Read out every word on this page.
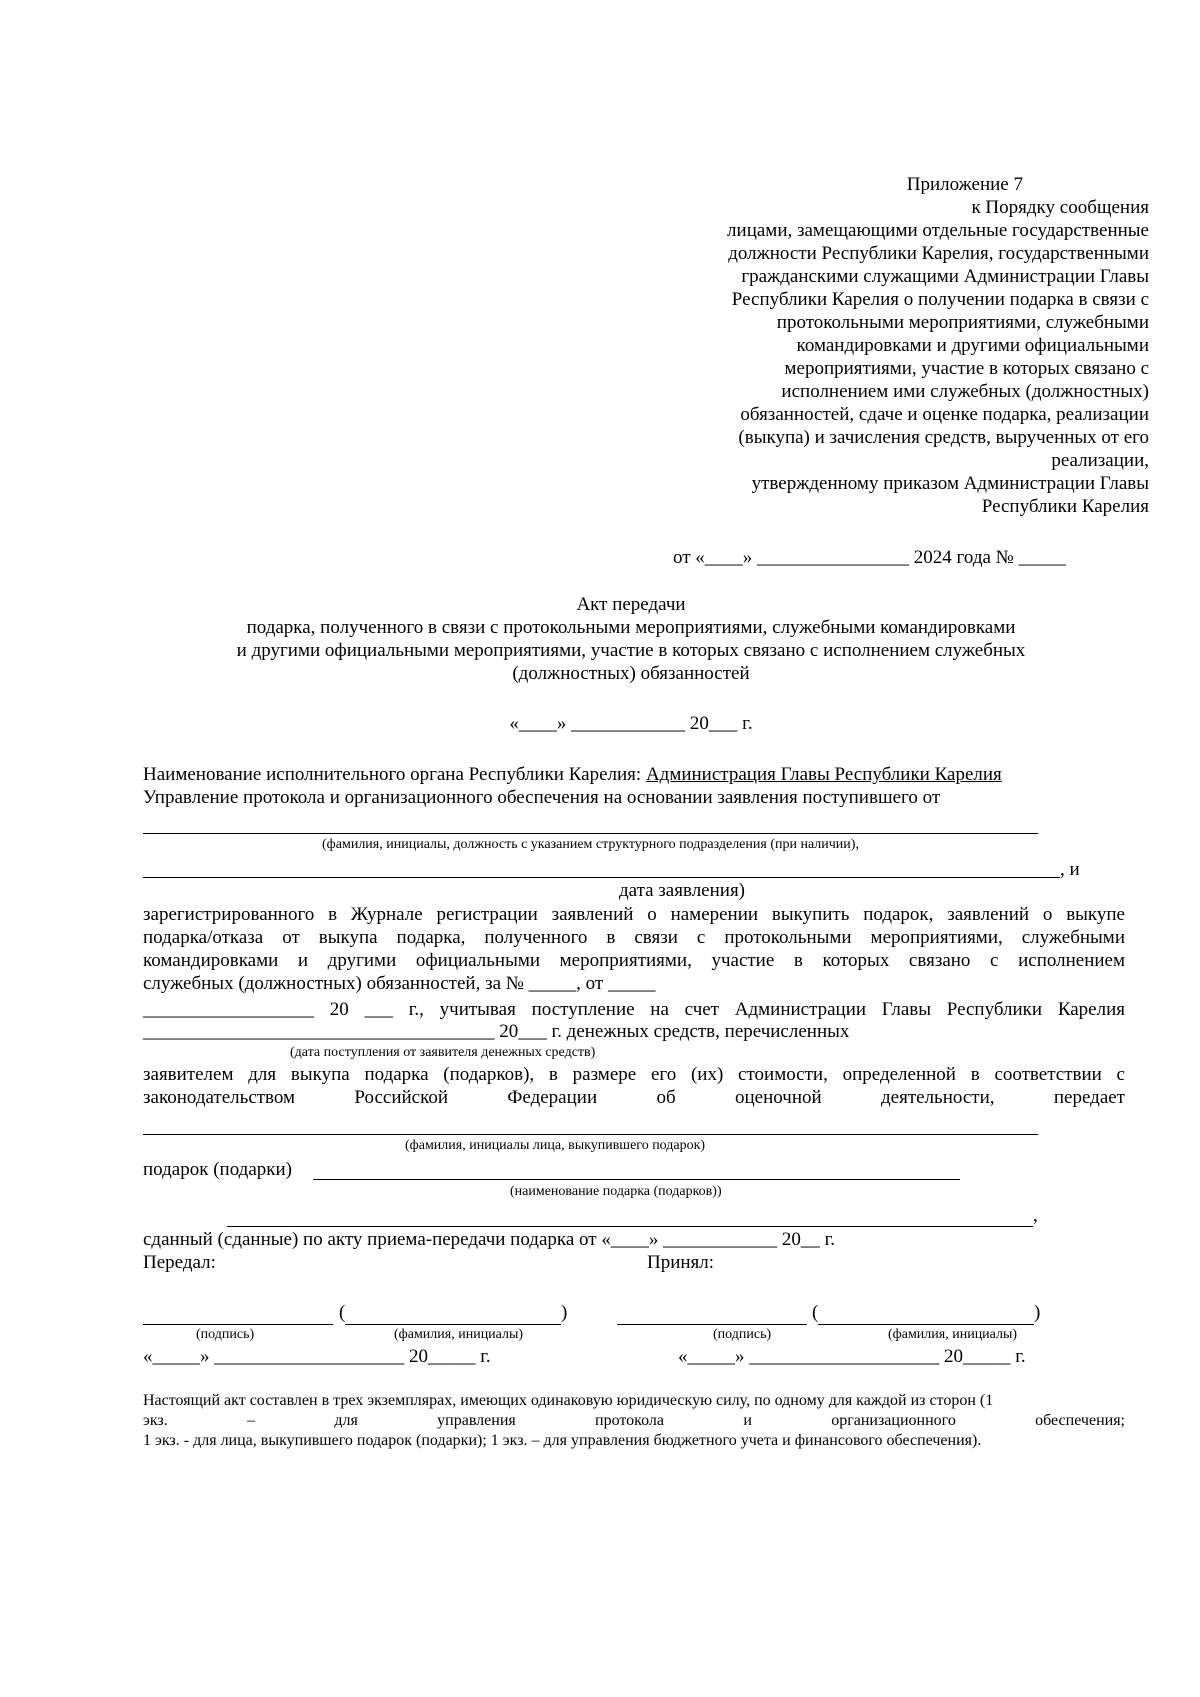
Приложение 7
к Порядку сообщения
лицами, замещающими отдельные государственные
должности Республики Карелия, государственными
гражданскими служащими Администрации Главы
Республики Карелия о получении подарка в связи с
протокольными мероприятиями, служебными
командировками и другими официальными
мероприятиями, участие в которых связано с
исполнением ими служебных (должностных)
обязанностей, сдаче и оценке подарка, реализации
(выкупа) и зачисления средств, вырученных от его
реализации,
утвержденному приказом Администрации Главы
Республики Карелия
от «____» ________________ 2024 года № _____
Акт передачи
подарка, полученного в связи с протокольными мероприятиями, служебными командировками
и другими официальными мероприятиями, участие в которых связано с исполнением служебных
(должностных) обязанностей
«____» ____________ 20___ г.
Наименование исполнительного органа Республики Карелия: Администрация Главы Республики Карелия
Управление протокола и организационного обеспечения на основании заявления поступившего от
(фамилия, инициалы, должность с указанием структурного подразделения (при наличии),
, и
дата заявления)
зарегистрированного в Журнале регистрации заявлений о намерении выкупить подарок, заявлений о выкупе
подарка/отказа от выкупа подарка, полученного в связи с протокольными мероприятиями, служебными
командировками и другими официальными мероприятиями, участие в которых связано с исполнением
служебных (должностных) обязанностей, за № _____, от _____
__________________ 20 ___ г., учитывая поступление на счет Администрации Главы Республики Карелия
_____________________________________ 20___ г. денежных средств, перечисленных
(дата поступления от заявителя денежных средств)
заявителем для выкупа подарка (подарков), в размере его (их) стоимости, определенной в соответствии с
законодательством Российской Федерации об оценочной деятельности, передает
(фамилия, инициалы лица, выкупившего подарок)
подарок (подарки)
(наименование подарка (подарков))
,
сданный (сданные) по акту приема-передачи подарка от «____» ____________ 20__ г.
Передал:	Принял:
(	)
(подпись)	(фамилия, инициалы)
«_____» ____________________ 20_____ г.
(	)
(подпись)	(фамилия, инициалы)
«_____» ____________________ 20_____ г.
Настоящий акт составлен в трех экземплярах, имеющих одинаковую юридическую силу, по одному для каждой из сторон (1
экз. – для управления протокола и организационного обеспечения;
1 экз. - для лица, выкупившего подарок (подарки); 1 экз. – для управления бюджетного учета и финансового обеспечения).
